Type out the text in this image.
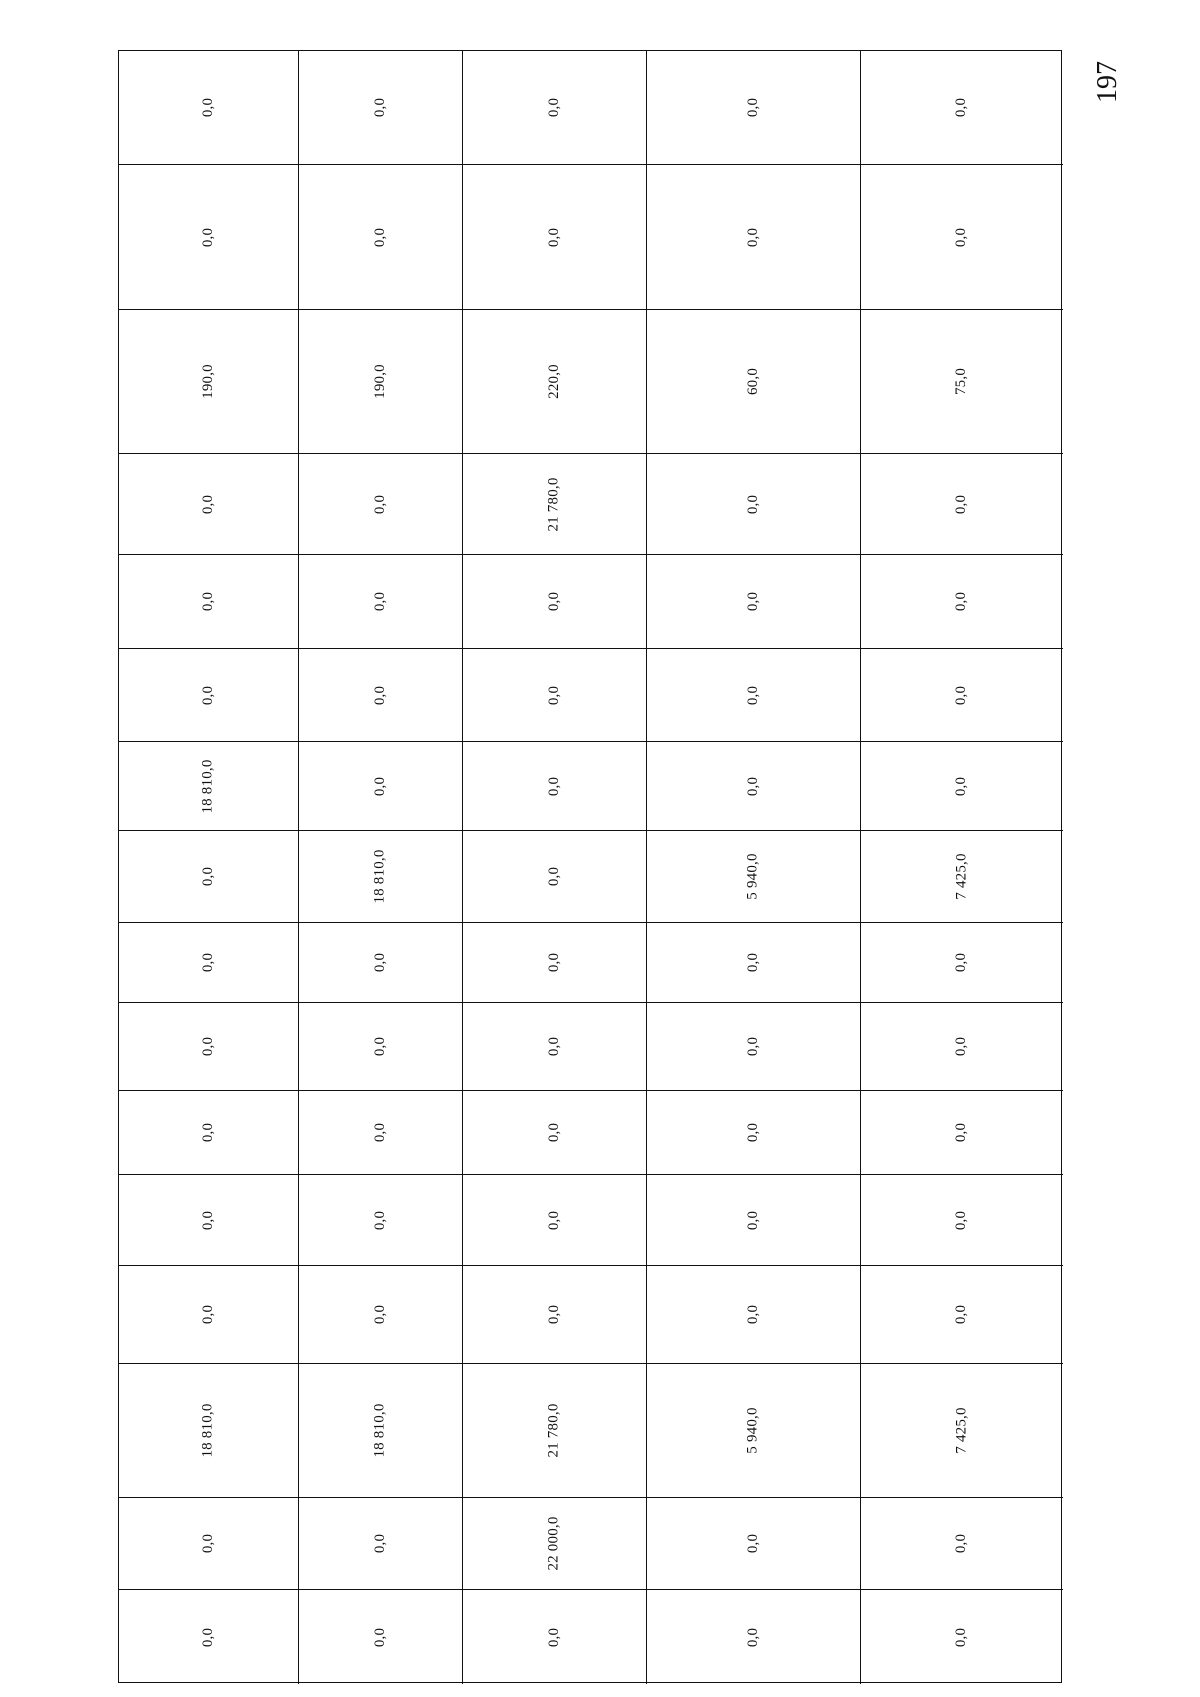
197
0,0	0,0	0,0	0,0	0,0
0,0	0,0	0,0	0,0	0,0
190,0	190,0	220,0	60,0	75,0
0,0	0,0	21 780,0	0,0	0,0
0,0	0,0	0,0	0,0	0,0
0,0	0,0	0,0	0,0	0,0
18 810,0	0,0	0,0	0,0	0,0
0,0	18 810,0	0,0	5 940,0	7 425,0
0,0	0,0	0,0	0,0	0,0
0,0	0,0	0,0	0,0	0,0
0,0	0,0	0,0	0,0	0,0
0,0	0,0	0,0	0,0	0,0
0,0	0,0	0,0	0,0	0,0
18 810,0	18 810,0	21 780,0	5 940,0	7 425,0
0,0	0,0	22 000,0	0,0	0,0
0,0	0,0	0,0	0,0	0,0
